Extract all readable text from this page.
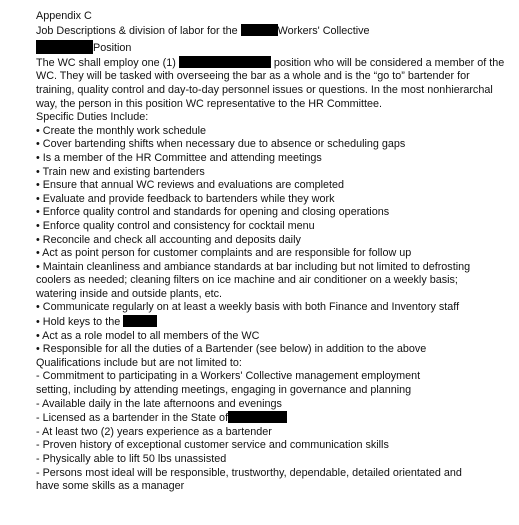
Appendix C
Job Descriptions & division of labor for the	Workers' Collective
Position
The WC shall employ one (1)	position who will be considered a member of the WC. They will be tasked with overseeing the bar as a whole and is the “go to” bartender for training, quality control and day-to-day personnel issues or questions. In the most nonhierarchal way, the person in this position WC representative to the HR Committee.
Specific Duties Include:
• Create the monthly work schedule
• Cover bartending shifts when necessary due to absence or scheduling gaps
• Is a member of the HR Committee and attending meetings
• Train new and existing bartenders
• Ensure that annual WC reviews and evaluations are completed
• Evaluate and provide feedback to bartenders while they work
• Enforce quality control and standards for opening and closing operations
• Enforce quality control and consistency for cocktail menu
• Reconcile and check all accounting and deposits daily
• Act as point person for customer complaints and are responsible for follow up
• Maintain cleanliness and ambiance standards at bar including but not limited to defrosting coolers as needed; cleaning filters on ice machine and air conditioner on a weekly basis; watering inside and outside plants, etc.
• Communicate regularly on at least a weekly basis with both Finance and Inventory staff
• Hold keys to the
• Act as a role model to all members of the WC
• Responsible for all the duties of a Bartender (see below) in addition to the above
Qualifications include but are not limited to:
- Commitment to participating in a Workers' Collective management employment setting, including by attending meetings, engaging in governance and planning
- Available daily in the late afternoons and evenings
- Licensed as a bartender in the State of
- At least two (2) years experience as a bartender
- Proven history of exceptional customer service and communication skills
- Physically able to lift 50 lbs unassisted
- Persons most ideal will be responsible, trustworthy, dependable, detailed orientated and have some skills as a manager
